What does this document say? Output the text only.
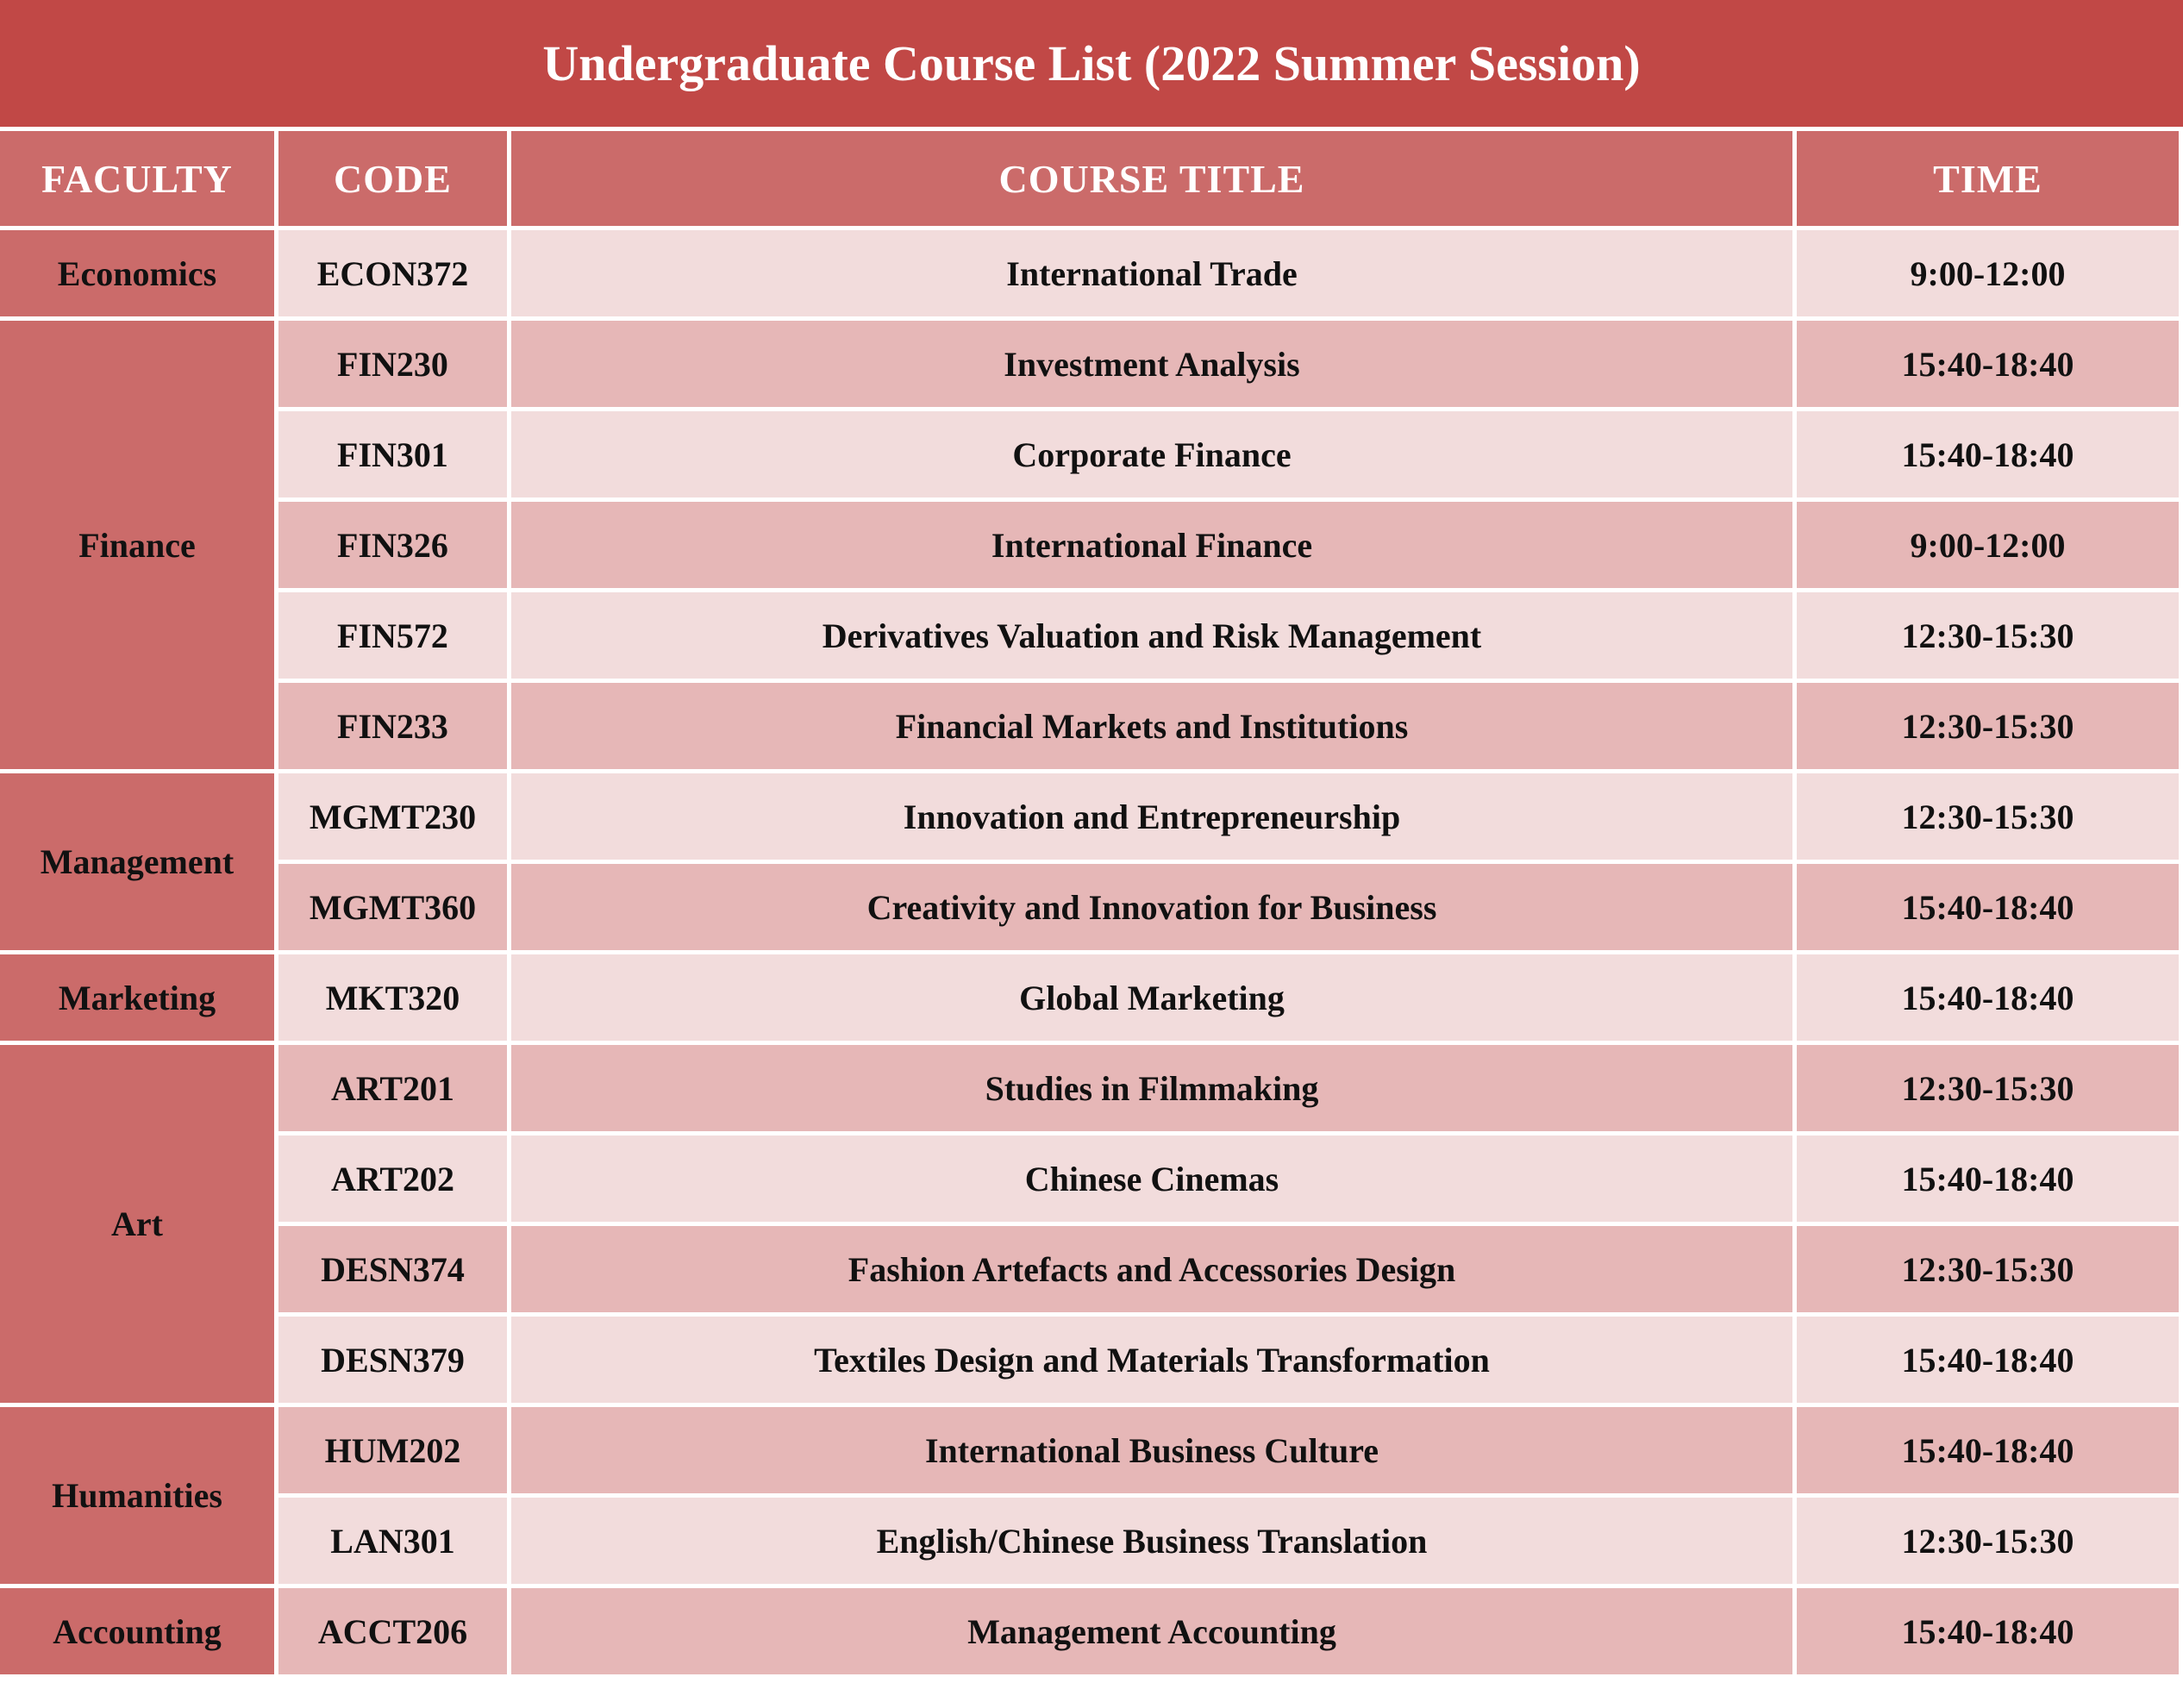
Undergraduate Course List (2022 Summer Session)
FACULTY	CODE	COURSE TITLE	TIME
Economics	ECON372	International Trade	9:00-12:00
Finance	FIN230	Investment Analysis	15:40-18:40
	FIN301	Corporate Finance	15:40-18:40
	FIN326	International Finance	9:00-12:00
	FIN572	Derivatives Valuation and Risk Management	12:30-15:30
	FIN233	Financial Markets and Institutions	12:30-15:30
Management	MGMT230	Innovation and Entrepreneurship	12:30-15:30
	MGMT360	Creativity and Innovation for Business	15:40-18:40
Marketing	MKT320	Global Marketing	15:40-18:40
Art	ART201	Studies in Filmmaking	12:30-15:30
	ART202	Chinese Cinemas	15:40-18:40
	DESN374	Fashion Artefacts and Accessories Design	12:30-15:30
	DESN379	Textiles Design and Materials Transformation	15:40-18:40
Humanities	HUM202	International Business Culture	15:40-18:40
	LAN301	English/Chinese Business Translation	12:30-15:30
Accounting	ACCT206	Management Accounting	15:40-18:40
